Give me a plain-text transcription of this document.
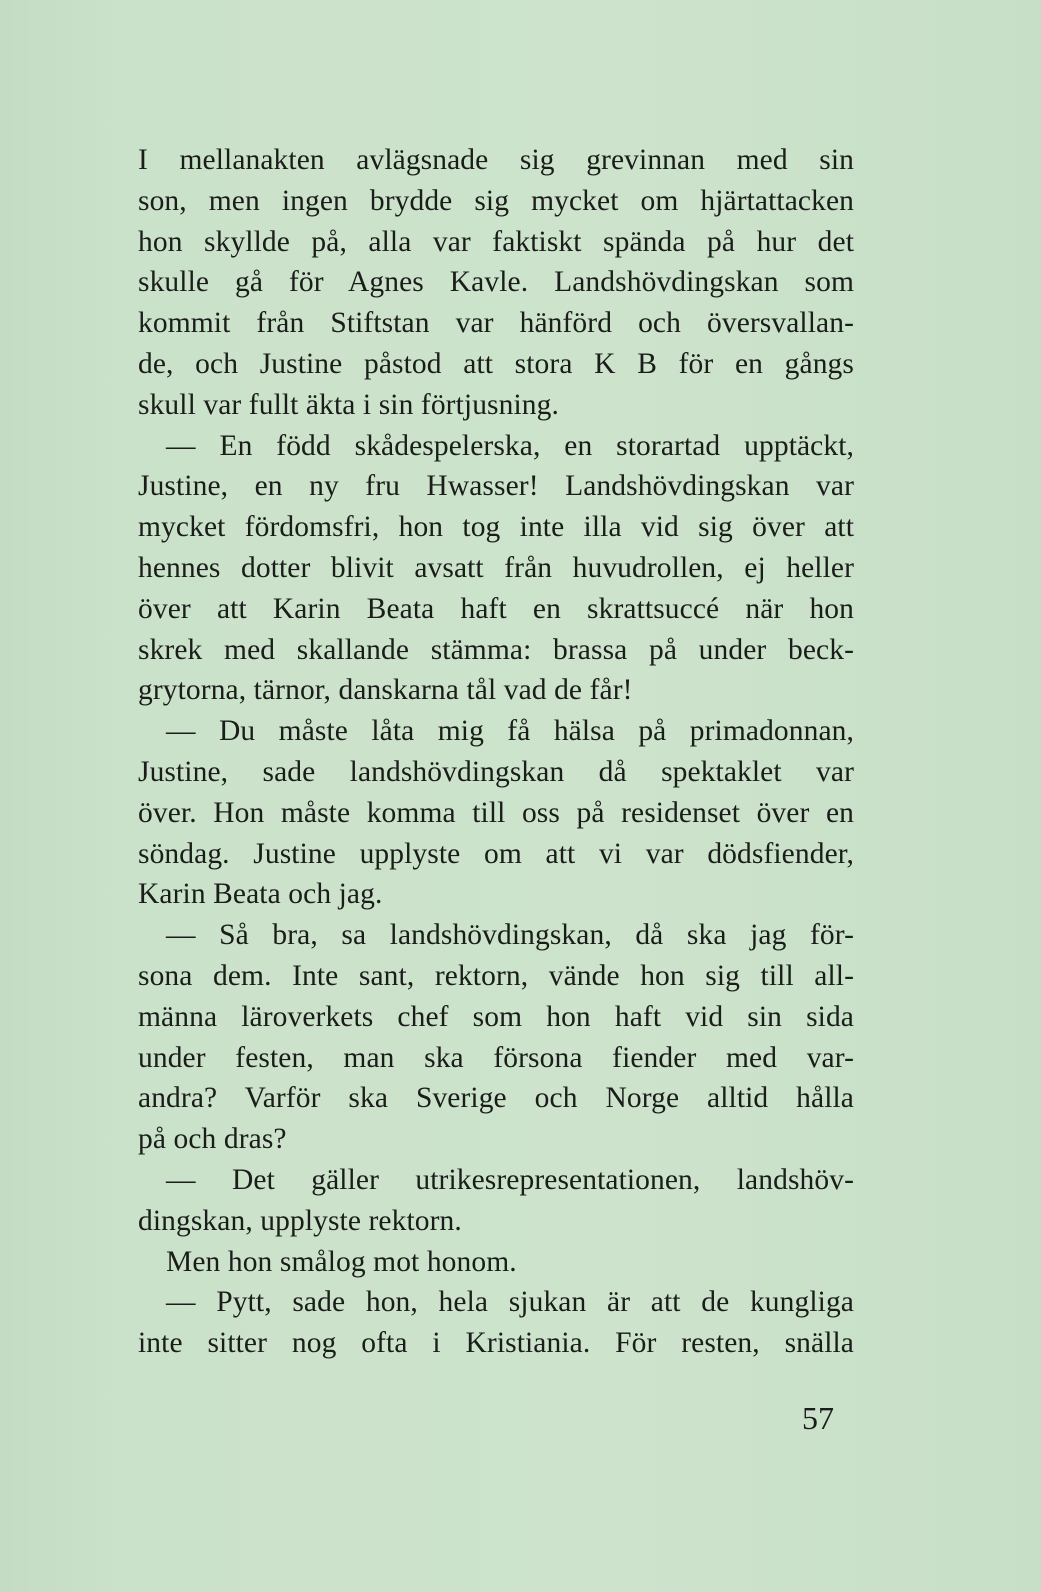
I mellanakten avlägsnade sig grevinnan med sin
son, men ingen brydde sig mycket om hjärtattacken
hon skyllde på, alla var faktiskt spända på hur det
skulle gå för Agnes Kavle. Landshövdingskan som
kommit från Stiftstan var hänförd och översvallan-
de, och Justine påstod att stora K B för en gångs
skull var fullt äkta i sin förtjusning.
— En född skådespelerska, en storartad upptäckt,
Justine, en ny fru Hwasser! Landshövdingskan var
mycket fördomsfri, hon tog inte illa vid sig över att
hennes dotter blivit avsatt från huvudrollen, ej heller
över att Karin Beata haft en skrattsuccé när hon
skrek med skallande stämma: brassa på under beck-
grytorna, tärnor, danskarna tål vad de får!
— Du måste låta mig få hälsa på primadonnan,
Justine, sade landshövdingskan då spektaklet var
över. Hon måste komma till oss på residenset över en
söndag. Justine upplyste om att vi var dödsfiender,
Karin Beata och jag.
— Så bra, sa landshövdingskan, då ska jag för-
sona dem. Inte sant, rektorn, vände hon sig till all-
männa läroverkets chef som hon haft vid sin sida
under festen, man ska försona fiender med var-
andra? Varför ska Sverige och Norge alltid hålla
på och dras?
— Det gäller utrikesrepresentationen, landshöv-
dingskan, upplyste rektorn.
Men hon smålog mot honom.
— Pytt, sade hon, hela sjukan är att de kungliga
inte sitter nog ofta i Kristiania. För resten, snälla
57
